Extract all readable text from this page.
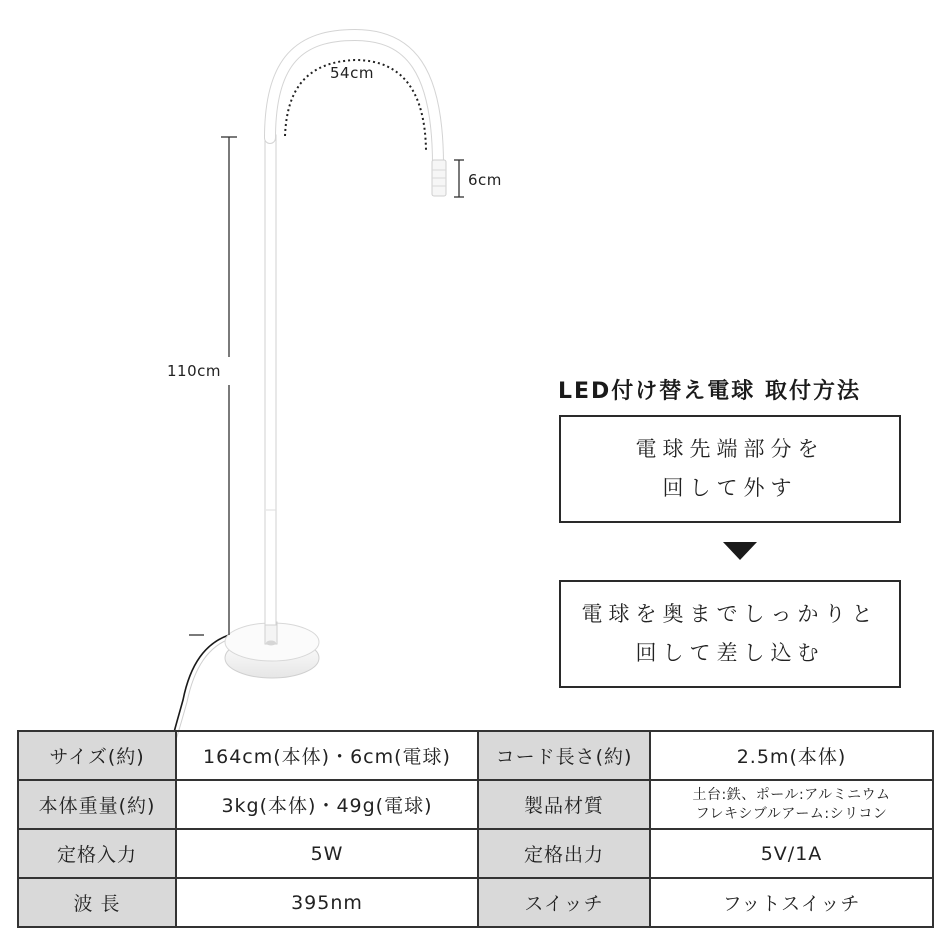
54cm
6cm
110cm
LED付け替え電球 取付方法
電球先端部分を
回して外す
電球を奥までしっかりと
回して差し込む
サイズ(約)	164cm(本体)・6cm(電球)	コード長さ(約)	2.5m(本体)
本体重量(約)	3kg(本体)・49g(電球)	製品材質	土台:鉄、ポール:アルミニウム
フレキシブルアーム:シリコン

定格入力	5W	定格出力	5V/1A
波 長	395nm	スイッチ	フットスイッチ
